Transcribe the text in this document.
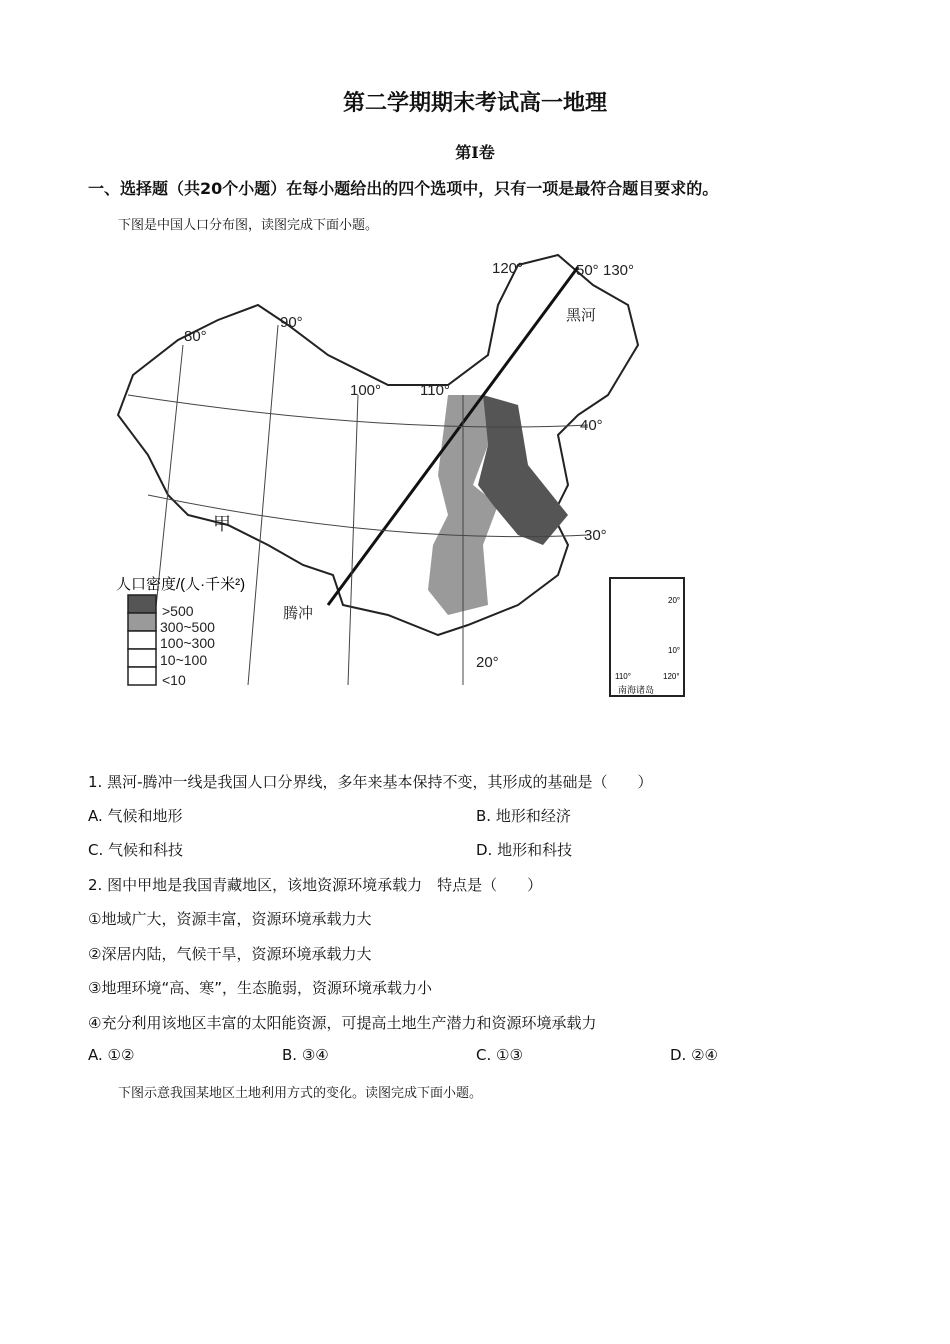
第二学期期末考试高一地理
第Ⅰ卷
一、选择题（共20个小题）在每小题给出的四个选项中，只有一项是最符合题目要求的。
下图是中国人口分布图，读图完成下面小题。
80°
90°
100°	110°
120°	130°
50°
40°
30°
20°
黑河
腾冲
甲
人口密度/(人·千米²)
>500
300~500
100~300
10~100
<10	110°	120°
20°
10°
南海诸岛
1. 黑河-腾冲一线是我国人口分界线，多年来基本保持不变，其形成的基础是（　　）
A. 气候和地形	B. 地形和经济
C. 气候和科技	D. 地形和科技
2. 图中甲地是我国青藏地区，该地资源环境承载力　特点是（　　）
①地域广大，资源丰富，资源环境承载力大
②深居内陆，气候干旱，资源环境承载力大
③地理环境“高、寒”，生态脆弱，资源环境承载力小
④充分利用该地区丰富的太阳能资源，可提高土地生产潜力和资源环境承载力
A. ①②	B. ③④	C. ①③	D. ②④
下图示意我国某地区土地利用方式的变化。读图完成下面小题。
